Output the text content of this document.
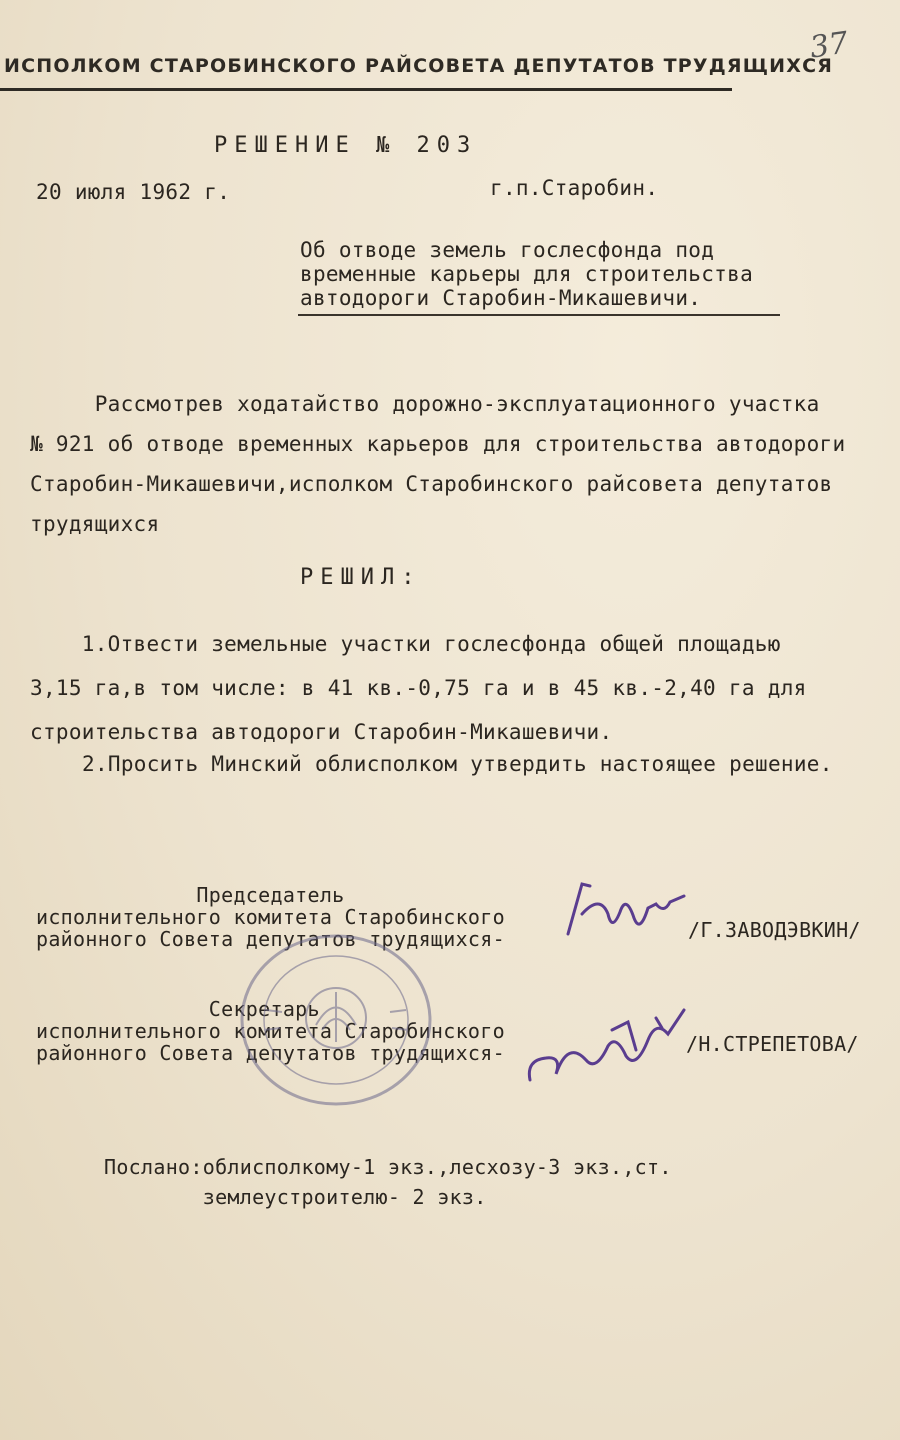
ИСПОЛКОМ СТАРОБИНСКОГО РАЙСОВЕТА ДЕПУТАТОВ ТРУДЯЩИХСЯ
37
РЕШЕНИЕ № 203
20 июля 1962 г.	г.п.Старобин.
Об отводе земель гослесфонда под
временные карьеры для строительства
автодороги Старобин-Микашевичи.
Рассмотрев ходатайство дорожно-эксплуатационного участка
№ 921 об отводе временных карьеров для строительства автодороги
Старобин-Микашевичи,исполком Старобинского райсовета депутатов
трудящихся
РЕШИЛ:
1.Отвести земельные участки гослесфонда общей площадью
3,15 га,в том числе: в 41 кв.-0,75 га и в 45 кв.-2,40 га для
строительства автодороги Старобин-Микашевичи.
2.Просить Минский облисполком утвердить настоящее решение.
Председатель
исполнительного комитета Старобинского
районного Совета депутатов трудящихся-	/Г.ЗАВОДЭВКИН/
Секретарь
исполнительного комитета Старобинского
районного Совета депутатов трудящихся-	/Н.СТРЕПЕТОВА/
Послано:облисполкому-1 экз.,лесхозу-3 экз.,ст.
землеустроителю- 2 экз.
